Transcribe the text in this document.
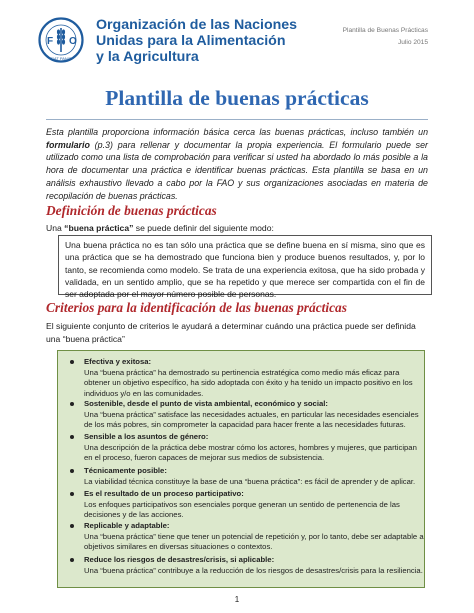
F O
FIAT PANIS
Organización de las Naciones
Unidas para la Alimentación
y la Agricultura
Plantilla de Buenas Prácticas
Julio 2015
Plantilla de buenas prácticas
Esta plantilla proporciona información básica cerca las buenas prácticas, incluso también un formulario (p.3) para rellenar y documentar la propia experiencia. El formulario puede ser utilizado como una lista de comprobación para verificar si usted ha abordado lo más posible a la hora de documentar una práctica e identificar buenas prácticas. Esta plantilla se basa en un análisis exhaustivo llevado a cabo por la FAO y sus organizaciones asociadas en materia de recopilación de buenas prácticas.
Definición de buenas prácticas
Una “buena práctica” se puede definir del siguiente modo:
Una buena práctica no es tan sólo una práctica que se define buena en sí misma, sino que es una práctica que se ha demostrado que funciona bien y produce buenos resultados, y, por lo tanto, se recomienda como modelo. Se trata de una experiencia exitosa, que ha sido probada y validada, en un sentido amplio, que se ha repetido y que merece ser compartida con el fin de ser adoptada por el mayor número posible de personas.
Criterios para la identificación de las buenas prácticas
El siguiente conjunto de criterios le ayudará a determinar cuándo una práctica puede ser definida una “buena práctica”
Efectiva y exitosa:
Una “buena práctica” ha demostrado su pertinencia estratégica como medio más eficaz para obtener un objetivo específico, ha sido adoptada con éxito y ha tenido un impacto positivo en los individuos y/o en las comunidades.
Sostenible, desde el punto de vista ambiental, económico y social:
Una “buena práctica” satisface las necesidades actuales, en particular las necesidades esenciales de los más pobres, sin comprometer la capacidad para hacer frente a las necesidades futuras.
Sensible a los asuntos de género:
Una descripción de la práctica debe mostrar cómo los actores, hombres y mujeres, que participan en el proceso, fueron capaces de mejorar sus medios de subsistencia.
Técnicamente posible:
La viabilidad técnica constituye la base de una “buena práctica”: es fácil de aprender y de aplicar.
Es el resultado de un proceso participativo:
Los enfoques participativos son esenciales porque generan un sentido de pertenencia de las decisiones y de las acciones.
Replicable y adaptable:
Una “buena práctica” tiene que tener un potencial de repetición y, por lo tanto, debe ser adaptable a objetivos similares en diversas situaciones o contextos.
Reduce los riesgos de desastres/crisis, si aplicable:
Una “buena práctica” contribuye a la reducción de los riesgos de desastres/crisis para la resiliencia.
1
